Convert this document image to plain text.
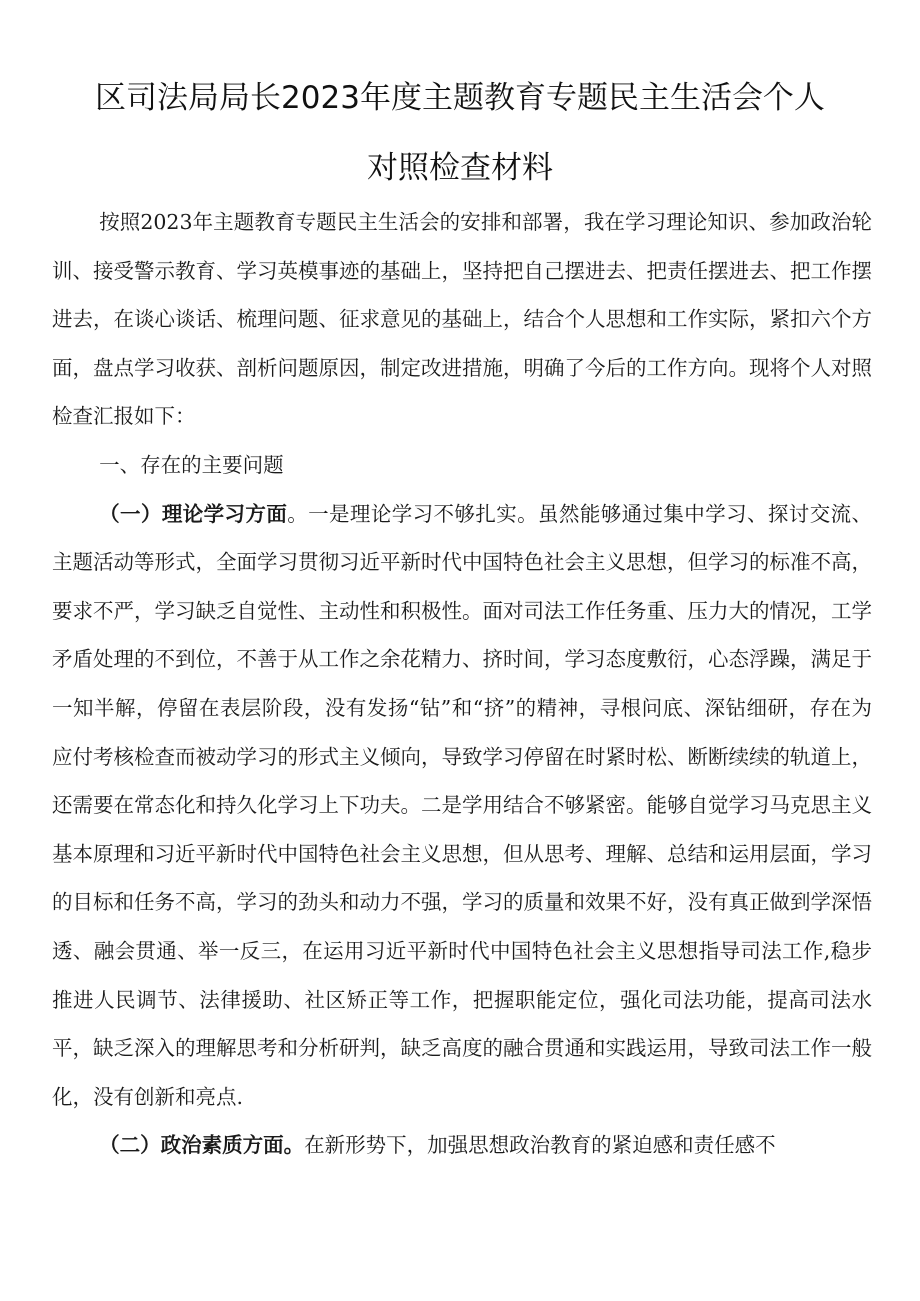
区司法局局长2023年度主题教育专题民主生活会个人
对照检查材料

按照2023年主题教育专题民主生活会的安排和部署，我在学习理论知识、参加政治轮训、接受警示教育、学习英模事迹的基础上，坚持把自己摆进去、把责任摆进去、把工作摆进去，在谈心谈话、梳理问题、征求意见的基础上，结合个人思想和工作实际，紧扣六个方面，盘点学习收获、剖析问题原因，制定改进措施，明确了今后的工作方向。现将个人对照检查汇报如下：

一、存在的主要问题

（一）理论学习方面。一是理论学习不够扎实。虽然能够通过集中学习、探讨交流、主题活动等形式，全面学习贯彻习近平新时代中国特色社会主义思想，但学习的标准不高，要求不严，学习缺乏自觉性、主动性和积极性。面对司法工作任务重、压力大的情况，工学矛盾处理的不到位，不善于从工作之余花精力、挤时间，学习态度敷衍，心态浮躁，满足于一知半解，停留在表层阶段，没有发扬“钻”和“挤”的精神，寻根问底、深钻细研，存在为应付考核检查而被动学习的形式主义倾向，导致学习停留在时紧时松、断断续续的轨道上，还需要在常态化和持久化学习上下功夫。二是学用结合不够紧密。能够自觉学习马克思主义基本原理和习近平新时代中国特色社会主义思想，但从思考、理解、总结和运用层面，学习的目标和任务不高，学习的劲头和动力不强，学习的质量和效果不好，没有真正做到学深悟透、融会贯通、举一反三，在运用习近平新时代中国特色社会主义思想指导司法工作,稳步推进人民调节、法律援助、社区矫正等工作，把握职能定位，强化司法功能，提高司法水平，缺乏深入的理解思考和分析研判，缺乏高度的融合贯通和实践运用，导致司法工作一般化，没有创新和亮点.

（二）政治素质方面。在新形势下，加强思想政治教育的紧迫感和责任感不
